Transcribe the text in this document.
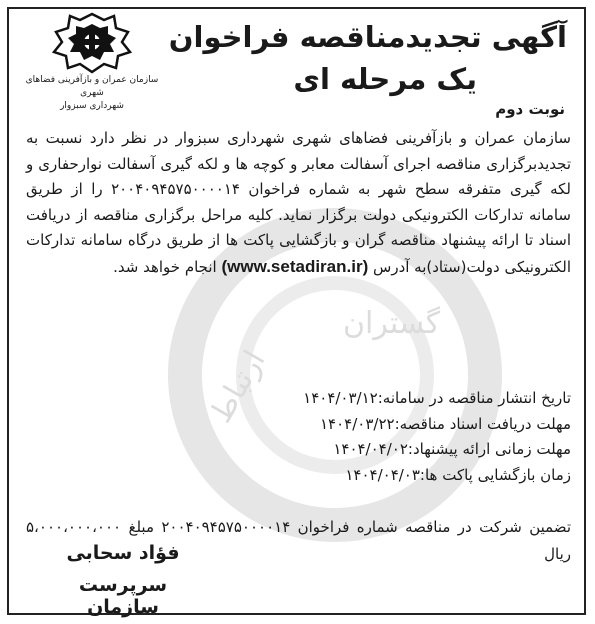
گستران
ارتباط
آگهی تجدیدمناقصه فراخوان
یک مرحله ای

نوبت دوم

سازمان عمران و بازآفرینی فضاهای شهری
شهرداری سبزوار

سازمان عمران و بازآفرینی فضاهای شهری شهرداری سبزوار در نظر دارد نسبت به تجدیدبرگزاری مناقصه اجرای آسفالت معابر و کوچه ها و لکه گیری آسفالت نوارحفاری و لکه گیری متفرقه سطح شهر به شماره فراخوان ۲۰۰۴۰۹۴۵۷۵۰۰۰۰۱۴ را از طریق سامانه تدارکات الکترونیکی دولت برگزار نماید. کلیه مراحل برگزاری مناقصه از دریافت اسناد تا ارائه پیشنهاد مناقصه گران و بازگشایی پاکت ها از طریق درگاه سامانه تدارکات الکترونیکی دولت(ستاد)به آدرس (www.setadiran.ir) انجام خواهد شد.

تاریخ انتشار مناقصه در سامانه:۱۴۰۴/۰۳/۱۲
مهلت دریافت اسناد مناقصه:۱۴۰۴/۰۳/۲۲
مهلت زمانی ارائه پیشنهاد:۱۴۰۴/۰۴/۰۲
زمان بازگشایی پاکت ها:۱۴۰۴/۰۴/۰۳

تضمین شرکت در مناقصه شماره فراخوان ۲۰۰۴۰۹۴۵۷۵۰۰۰۰۱۴ مبلغ ۵،۰۰۰،۰۰۰،۰۰۰ ریال

فؤاد سحابی

سرپرست سازمان
